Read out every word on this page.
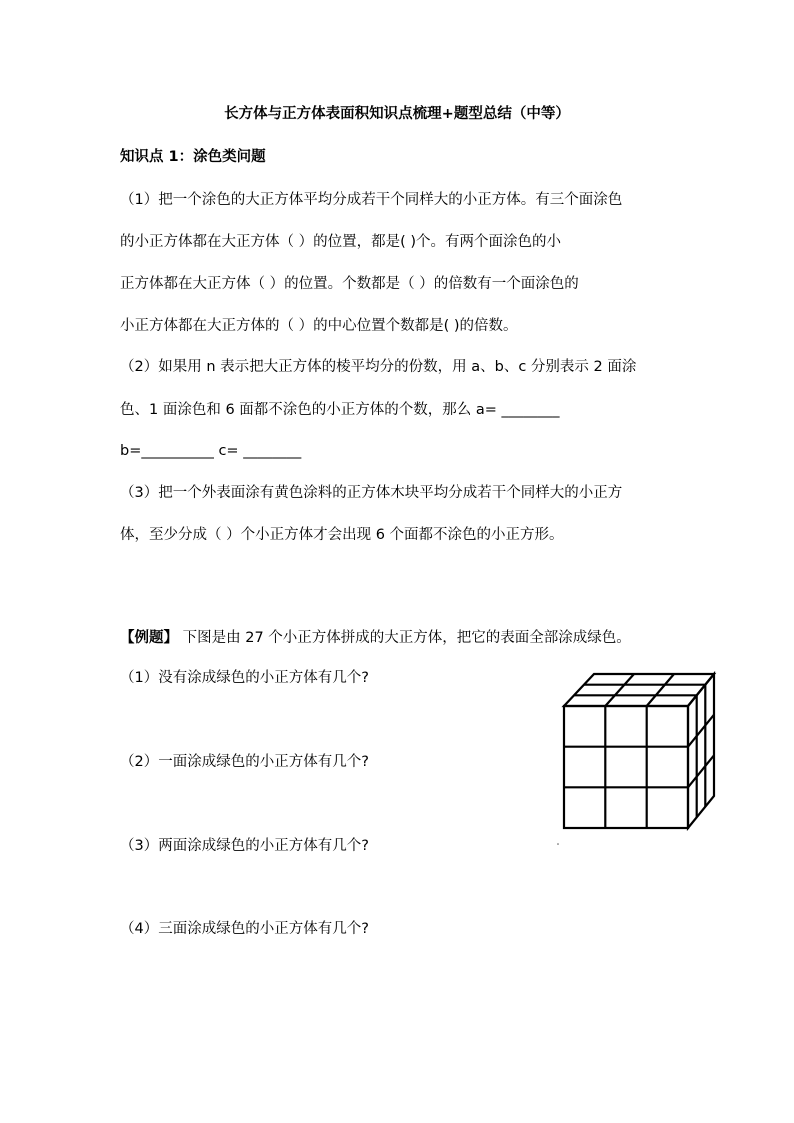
长方体与正方体表面积知识点梳理+题型总结（中等）
知识点 1：涂色类问题
（1）把一个涂色的大正方体平均分成若干个同样大的小正方体。有三个面涂色
的小正方体都在大正方体（ ）的位置，都是( )个。有两个面涂色的小
正方体都在大正方体（ ）的位置。个数都是（ ）的倍数有一个面涂色的
小正方体都在大正方体的（ ）的中心位置个数都是( )的倍数。
（2）如果用 n 表示把大正方体的棱平均分的份数，用 a、b、c 分别表示 2 面涂
色、1 面涂色和 6 面都不涂色的小正方体的个数，那么 a= ________
b=__________ c= ________
（3）把一个外表面涂有黄色涂料的正方体木块平均分成若干个同样大的小正方
体，至少分成（ ）个小正方体才会出现 6 个面都不涂色的小正方形。
【例题】 下图是由 27 个小正方体拼成的大正方体，把它的表面全部涂成绿色。
（1）没有涂成绿色的小正方体有几个?
（2）一面涂成绿色的小正方体有几个?
（3）两面涂成绿色的小正方体有几个?
（4）三面涂成绿色的小正方体有几个?
